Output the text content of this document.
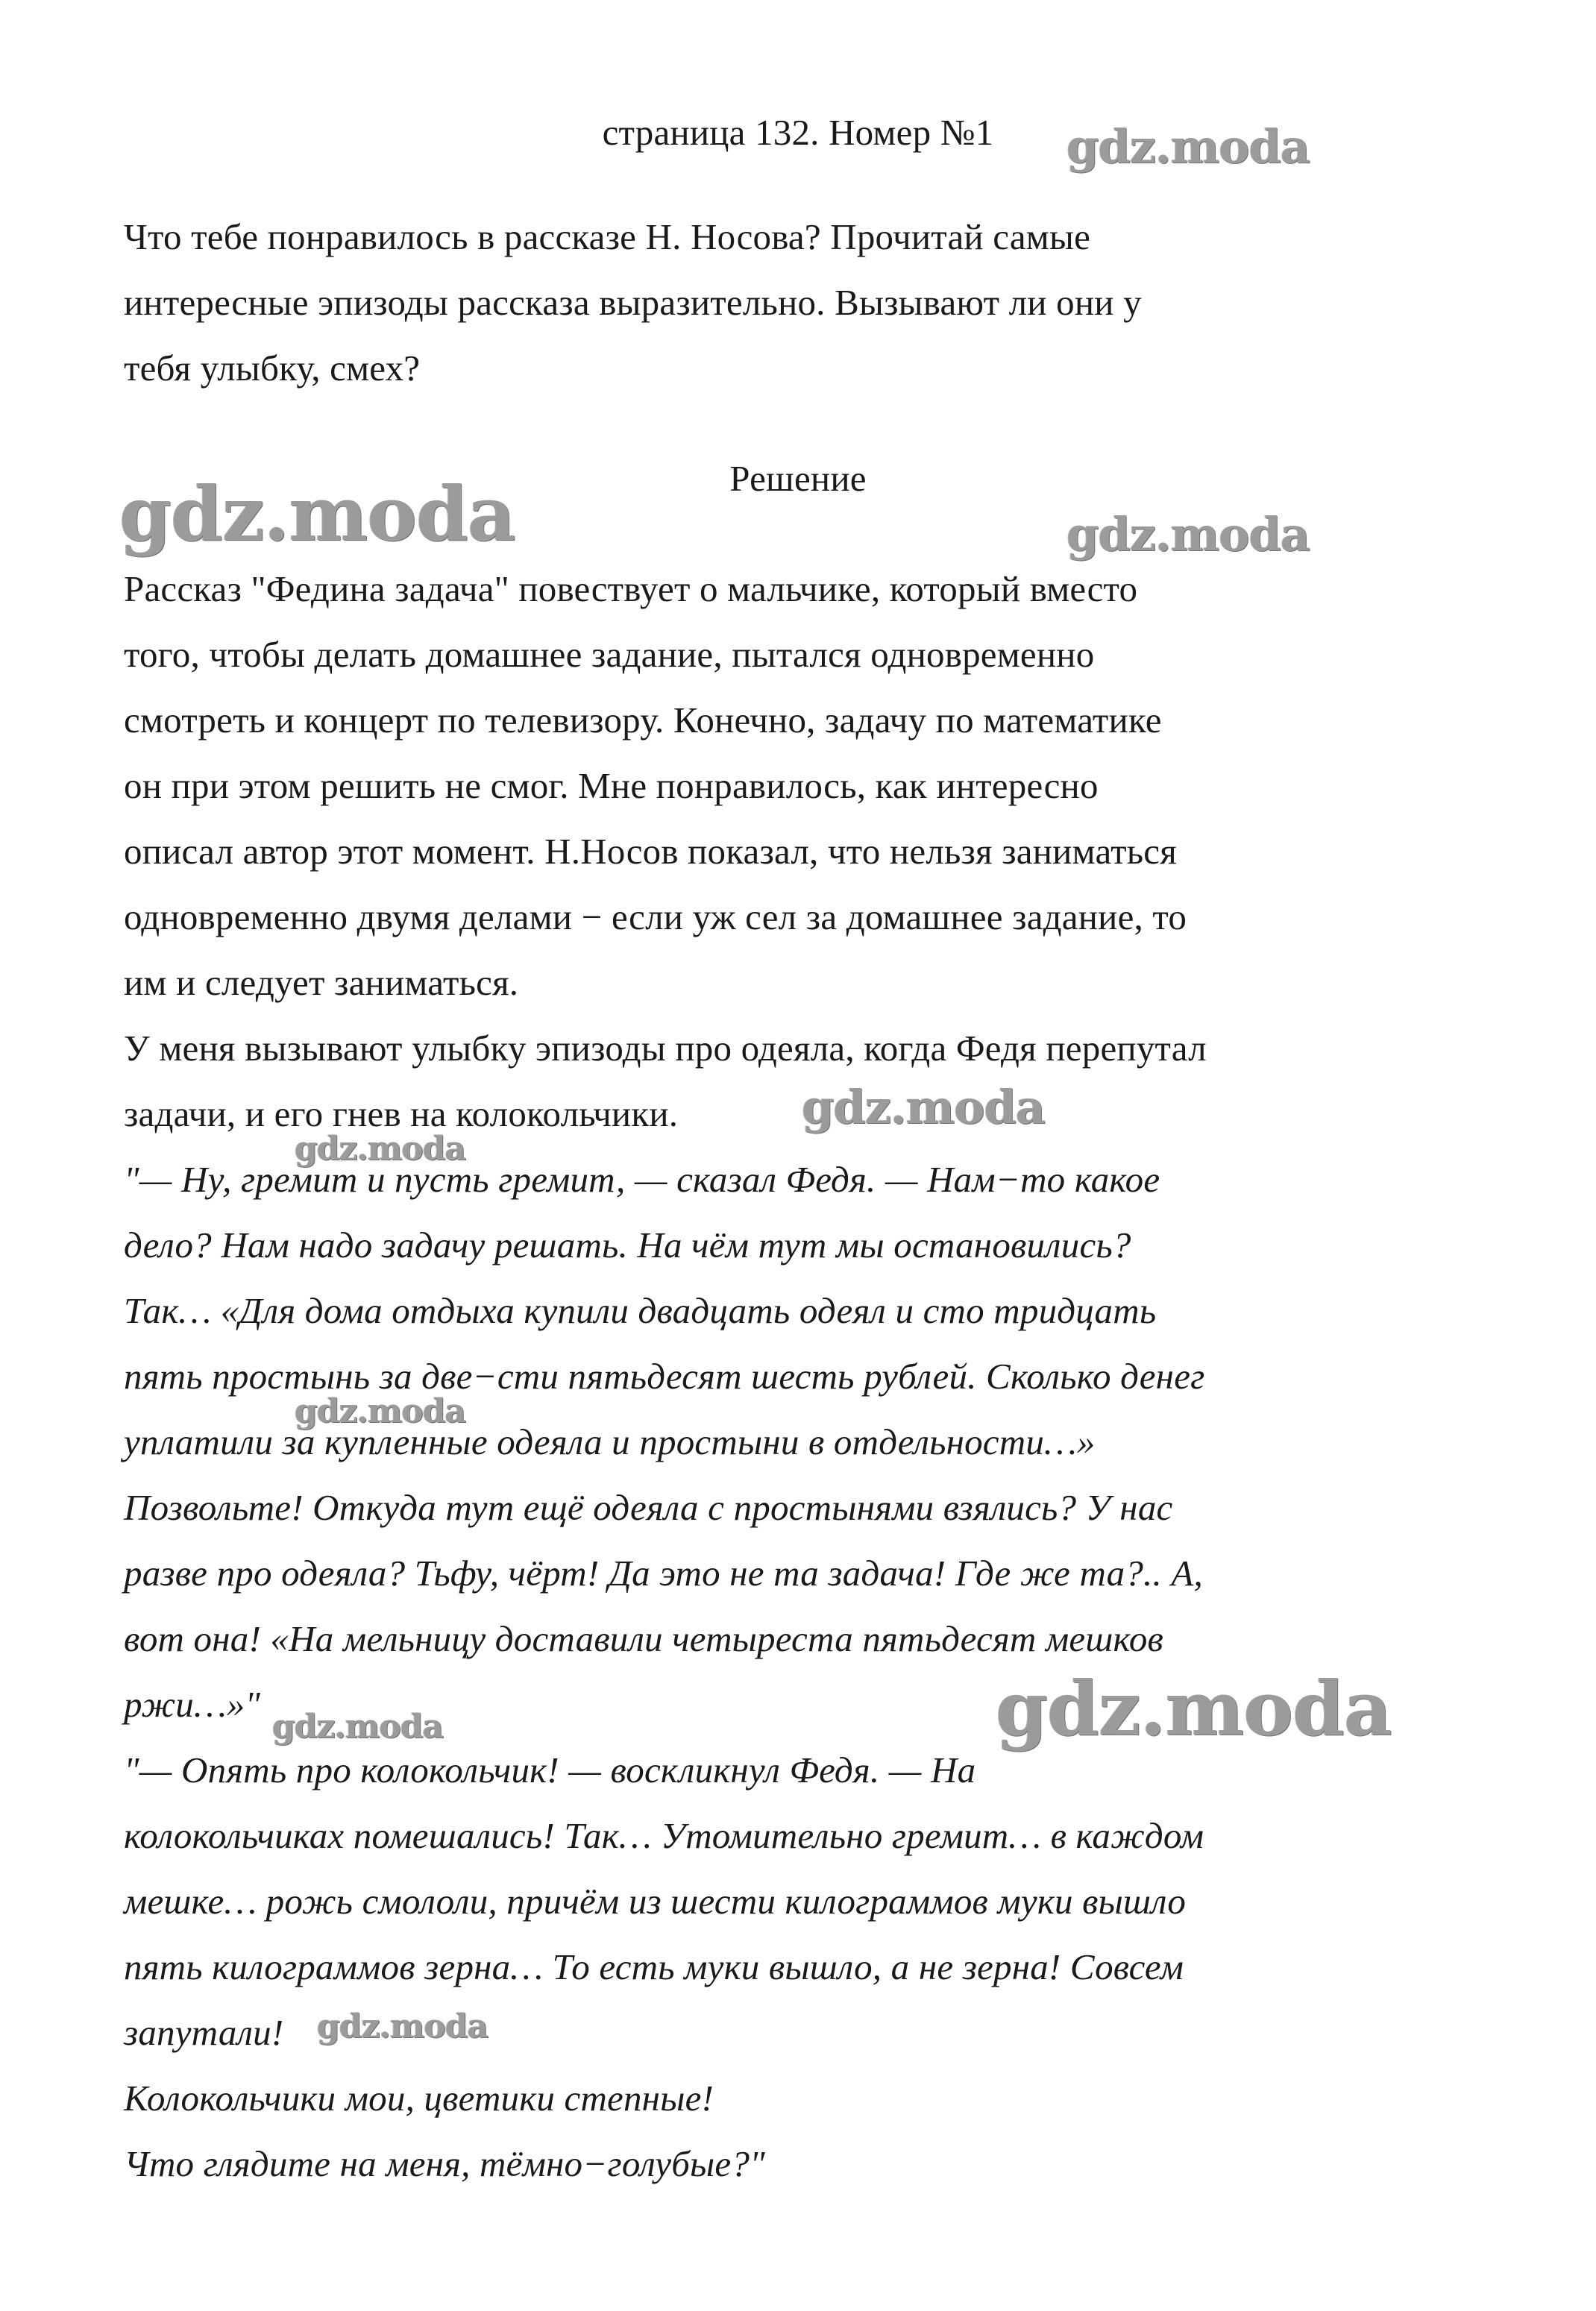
страница 132. Номер №1
Что тебе понравилось в рассказе Н. Носова? Прочитай самые
интересные эпизоды рассказа выразительно. Вызывают ли они у
тебя улыбку, смех?
Решение
Рассказ "Федина задача" повествует о мальчике, который вместо
того, чтобы делать домашнее задание, пытался одновременно
смотреть и концерт по телевизору. Конечно, задачу по математике
он при этом решить не смог. Мне понравилось, как интересно
описал автор этот момент. Н.Носов показал, что нельзя заниматься
одновременно двумя делами − если уж сел за домашнее задание, то
им и следует заниматься.
У меня вызывают улыбку эпизоды про одеяла, когда Федя перепутал
задачи, и его гнев на колокольчики.
"— Ну, гремит и пусть гремит, — сказал Федя. — Нам−то какое
дело? Нам надо задачу решать. На чём тут мы остановились?
Так… «Для дома отдыха купили двадцать одеял и сто тридцать
пять простынь за две−сти пятьдесят шесть рублей. Сколько денег
уплатили за купленные одеяла и простыни в отдельности…»
Позвольте! Откуда тут ещё одеяла с простынями взялись? У нас
разве про одеяла? Тьфу, чёрт! Да это не та задача! Где же та?.. А,
вот она! «На мельницу доставили четыреста пятьдесят мешков
ржи…»"
"— Опять про колокольчик! — воскликнул Федя. — На
колокольчиках помешались! Так… Утомительно гремит… в каждом
мешке… рожь смололи, причём из шести килограммов муки вышло
пять килограммов зерна… То есть муки вышло, а не зерна! Совсем
запутали!
Колокольчики мои, цветики степные!
Что глядите на меня, тёмно−голубые?"
gdz.moda
gdz.moda	gdz.moda
gdz.moda
gdz.moda
gdz.moda
gdz.moda
gdz.moda
gdz.moda
